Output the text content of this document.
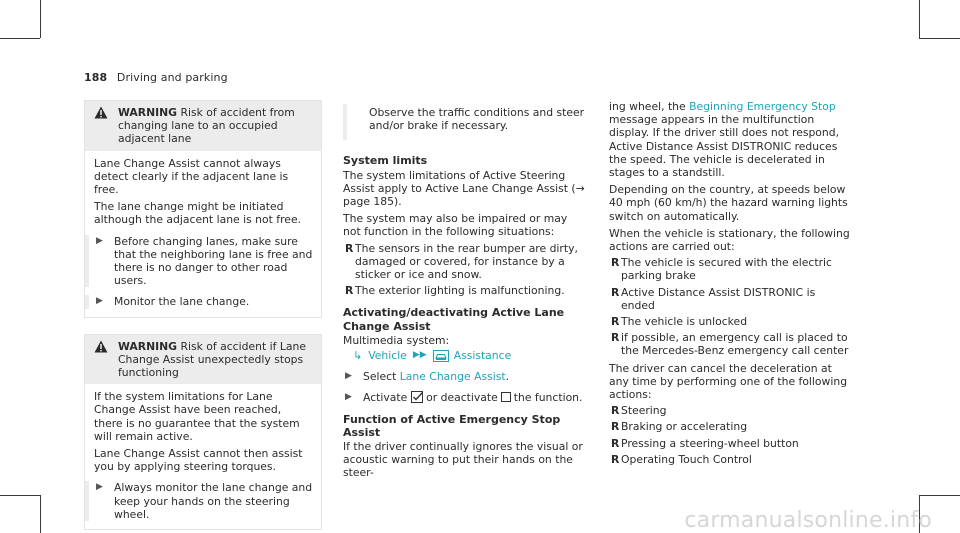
188 Driving and parking
WARNING Risk of accident from changing lane to an occupied adjacent lane
Lane Change Assist cannot always detect clearly if the adjacent lane is free.
The lane change might be initiated although the adjacent lane is not free.
▶	Before changing lanes, make sure that the neighboring lane is free and there is no danger to other road users.
▶	Monitor the lane change.
WARNING Risk of accident if Lane Change Assist unexpectedly stops functioning
If the system limitations for Lane Change Assist have been reached, there is no guarantee that the system will remain active.
Lane Change Assist cannot then assist you by applying steering torques.
▶	Always monitor the lane change and keep your hands on the steering wheel.
Observe the traffic conditions and steer and/or brake if necessary.
System limits
The system limitations of Active Steering Assist apply to Active Lane Change Assist (→ page 185).
The system may also be impaired or may not function in the following situations:
R The sensors in the rear bumper are dirty, damaged or covered, for instance by a sticker or ice and snow.
R The exterior lighting is malfunctioning.
Activating/deactivating Active Lane Change Assist
Multimedia system:
↳ Vehicle ▶▶	Assistance
▶	Select Lane Change Assist.
▶	Activate or deactivate the function.
Function of Active Emergency Stop Assist
If the driver continually ignores the visual or acoustic warning to put their hands on the steer-
ing wheel, the Beginning Emergency Stop message appears in the multifunction display. If the driver still does not respond, Active Distance Assist DISTRONIC reduces the speed. The vehicle is decelerated in stages to a standstill.
Depending on the country, at speeds below 40 mph (60 km/h) the hazard warning lights switch on automatically.
When the vehicle is stationary, the following actions are carried out:
R The vehicle is secured with the electric parking brake
R Active Distance Assist DISTRONIC is ended
R The vehicle is unlocked
R if possible, an emergency call is placed to the Mercedes-Benz emergency call center
The driver can cancel the deceleration at any time by performing one of the following actions:
R Steering
R Braking or accelerating
R Pressing a steering-wheel button
R Operating Touch Control
carmanualsonline.info
